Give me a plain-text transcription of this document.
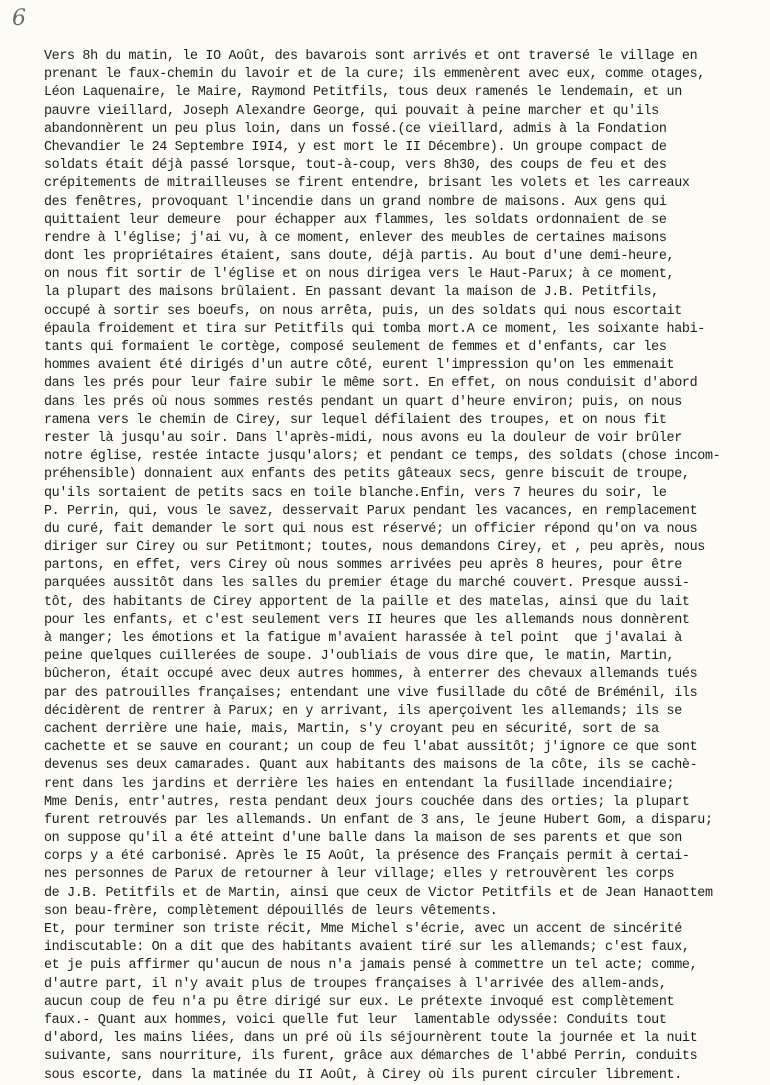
6
Vers 8h du matin, le IO Août, des bavarois sont arrivés et ont traversé le village en
prenant le faux-chemin du lavoir et de la cure; ils emmenèrent avec eux, comme otages,
Léon Laquenaire, le Maire, Raymond Petitfils, tous deux ramenés le lendemain, et un
pauvre vieillard, Joseph Alexandre George, qui pouvait à peine marcher et qu'ils
abandonnèrent un peu plus loin, dans un fossé.(ce vieillard, admis à la Fondation
Chevandier le 24 Septembre I9I4, y est mort le II Décembre). Un groupe compact de
soldats était déjà passé lorsque, tout-à-coup, vers 8h30, des coups de feu et des
crépitements de mitrailleuses se firent entendre, brisant les volets et les carreaux
des fenêtres, provoquant l'incendie dans un grand nombre de maisons. Aux gens qui
quittaient leur demeure  pour échapper aux flammes, les soldats ordonnaient de se
rendre à l'église; j'ai vu, à ce moment, enlever des meubles de certaines maisons
dont les propriétaires étaient, sans doute, déjà partis. Au bout d'une demi-heure,
on nous fit sortir de l'église et on nous dirigea vers le Haut-Parux; à ce moment,
la plupart des maisons brûlaient. En passant devant la maison de J.B. Petitfils,
occupé à sortir ses boeufs, on nous arrêta, puis, un des soldats qui nous escortait
épaula froidement et tira sur Petitfils qui tomba mort.A ce moment, les soixante habi-
tants qui formaient le cortège, composé seulement de femmes et d'enfants, car les
hommes avaient été dirigés d'un autre côté, eurent l'impression qu'on les emmenait
dans les prés pour leur faire subir le même sort. En effet, on nous conduisit d'abord
dans les prés où nous sommes restés pendant un quart d'heure environ; puis, on nous
ramena vers le chemin de Cirey, sur lequel défilaient des troupes, et on nous fit
rester là jusqu'au soir. Dans l'après-midi, nous avons eu la douleur de voir brûler
notre église, restée intacte jusqu'alors; et pendant ce temps, des soldats (chose incom-
préhensible) donnaient aux enfants des petits gâteaux secs, genre biscuit de troupe,
qu'ils sortaient de petits sacs en toile blanche.Enfin, vers 7 heures du soir, le
P. Perrin, qui, vous le savez, desservait Parux pendant les vacances, en remplacement
du curé, fait demander le sort qui nous est réservé; un officier répond qu'on va nous
diriger sur Cirey ou sur Petitmont; toutes, nous demandons Cirey, et , peu après, nous
partons, en effet, vers Cirey où nous sommes arrivées peu après 8 heures, pour être
parquées aussitôt dans les salles du premier étage du marché couvert. Presque aussi-
tôt, des habitants de Cirey apportent de la paille et des matelas, ainsi que du lait
pour les enfants, et c'est seulement vers II heures que les allemands nous donnèrent
à manger; les émotions et la fatigue m'avaient harassée à tel point  que j'avalai à
peine quelques cuillerées de soupe. J'oubliais de vous dire que, le matin, Martin,
bûcheron, était occupé avec deux autres hommes, à enterrer des chevaux allemands tués
par des patrouilles françaises; entendant une vive fusillade du côté de Bréménil, ils
décidèrent de rentrer à Parux; en y arrivant, ils aperçoivent les allemands; ils se
cachent derrière une haie, mais, Martin, s'y croyant peu en sécurité, sort de sa
cachette et se sauve en courant; un coup de feu l'abat aussitôt; j'ignore ce que sont
devenus ses deux camarades. Quant aux habitants des maisons de la côte, ils se cachè-
rent dans les jardins et derrière les haies en entendant la fusillade incendiaire;
Mme Denis, entr'autres, resta pendant deux jours couchée dans des orties; la plupart
furent retrouvés par les allemands. Un enfant de 3 ans, le jeune Hubert Gom, a disparu;
on suppose qu'il a été atteint d'une balle dans la maison de ses parents et que son
corps y a été carbonisé. Après le I5 Août, la présence des Français permit à certai-
nes personnes de Parux de retourner à leur village; elles y retrouvèrent les corps
de J.B. Petitfils et de Martin, ainsi que ceux de Victor Petitfils et de Jean Hanaottem
son beau-frère, complètement dépouillés de leurs vêtements.
Et, pour terminer son triste récit, Mme Michel s'écrie, avec un accent de sincérité
indiscutable: On a dit que des habitants avaient tiré sur les allemands; c'est faux,
et je puis affirmer qu'aucun de nous n'a jamais pensé à commettre un tel acte; comme,
d'autre part, il n'y avait plus de troupes françaises à l'arrivée des allem-ands,
aucun coup de feu n'a pu être dirigé sur eux. Le prétexte invoqué est complètement
faux.- Quant aux hommes, voici quelle fut leur  lamentable odyssée: Conduits tout
d'abord, les mains liées, dans un pré où ils séjournèrent toute la journée et la nuit
suivante, sans nourriture, ils furent, grâce aux démarches de l'abbé Perrin, conduits
sous escorte, dans la matinée du II Août, à Cirey où ils purent circuler librement.
